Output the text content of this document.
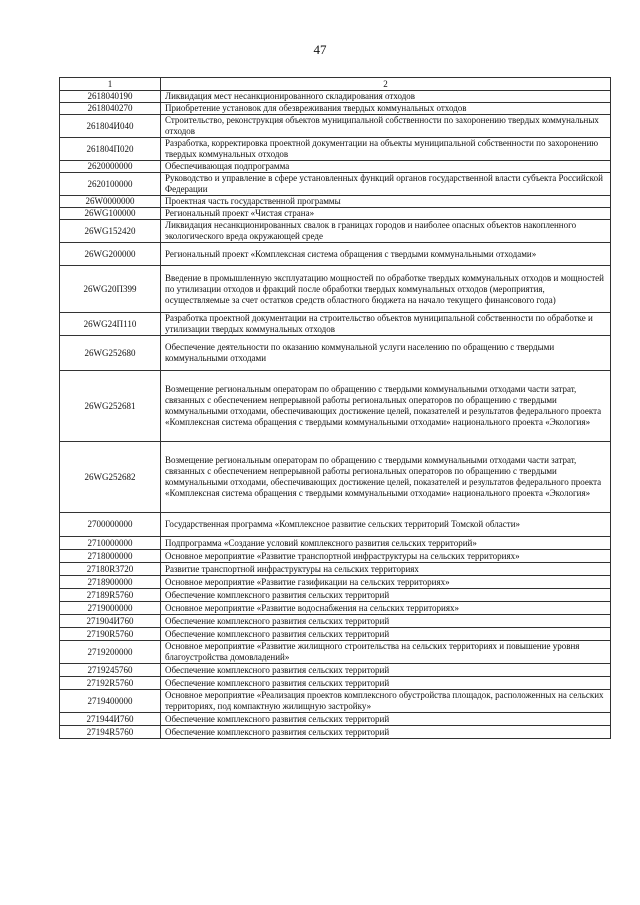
47
1	2
2618040190	Ликвидация мест несанкционированного складирования отходов
2618040270	Приобретение установок для обезвреживания твердых коммунальных отходов
261804И040	Строительство, реконструкция объектов муниципальной собственности по захоронению твердых коммунальных отходов
261804П020	Разработка, корректировка проектной документации на объекты муниципальной собственности по захоронению твердых коммунальных отходов
2620000000	Обеспечивающая подпрограмма
2620100000	Руководство и управление в сфере установленных функций органов государственной власти субъекта Российской Федерации
26W0000000	Проектная часть государственной программы
26WG100000	Региональный проект «Чистая страна»
26WG152420	Ликвидация несанкционированных свалок в границах городов и наиболее опасных объектов накопленного экологического вреда окружающей среде
26WG200000	Региональный проект «Комплексная система обращения с твердыми коммунальными отходами»
26WG20П399	Введение в промышленную эксплуатацию мощностей по обработке твердых коммунальных отходов и мощностей по утилизации отходов и фракций после обработки твердых коммунальных отходов (мероприятия, осуществляемые за счет остатков средств областного бюджета на начало текущего финансового года)
26WG24П110	Разработка проектной документации на строительство объектов муниципальной собственности по обработке и утилизации твердых коммунальных отходов
26WG252680	Обеспечение деятельности по оказанию коммунальной услуги населению по обращению с твердыми коммунальными отходами
26WG252681	Возмещение региональным операторам по обращению с твердыми коммунальными отходами части затрат, связанных с обеспечением непрерывной работы региональных операторов по обращению с твердыми коммунальными отходами, обеспечивающих достижение целей, показателей и результатов федерального проекта «Комплексная система обращения с твердыми коммунальными отходами» национального проекта «Экология»
26WG252682	Возмещение региональным операторам по обращению с твердыми коммунальными отходами части затрат, связанных с обеспечением непрерывной работы региональных операторов по обращению с твердыми коммунальными отходами, обеспечивающих достижение целей, показателей и результатов федерального проекта «Комплексная система обращения с твердыми коммунальными отходами» национального проекта «Экология»
2700000000	Государственная программа «Комплексное развитие сельских территорий Томской области»
2710000000	Подпрограмма «Создание условий комплексного развития сельских территорий»
2718000000	Основное мероприятие «Развитие транспортной инфраструктуры на сельских территориях»
27180R3720	Развитие транспортной инфраструктуры на сельских территориях
2718900000	Основное мероприятие «Развитие газификации на сельских территориях»
27189R5760	Обеспечение комплексного развития сельских территорий
2719000000	Основное мероприятие «Развитие водоснабжения на сельских территориях»
271904И760	Обеспечение комплексного развития сельских территорий
27190R5760	Обеспечение комплексного развития сельских территорий
2719200000	Основное мероприятие «Развитие жилищного строительства на сельских территориях и повышение уровня благоустройства домовладений»
2719245760	Обеспечение комплексного развития сельских территорий
27192R5760	Обеспечение комплексного развития сельских территорий
2719400000	Основное мероприятие «Реализация проектов комплексного обустройства площадок, расположенных на сельских территориях, под компактную жилищную застройку»
271944И760	Обеспечение комплексного развития сельских территорий
27194R5760	Обеспечение комплексного развития сельских территорий
